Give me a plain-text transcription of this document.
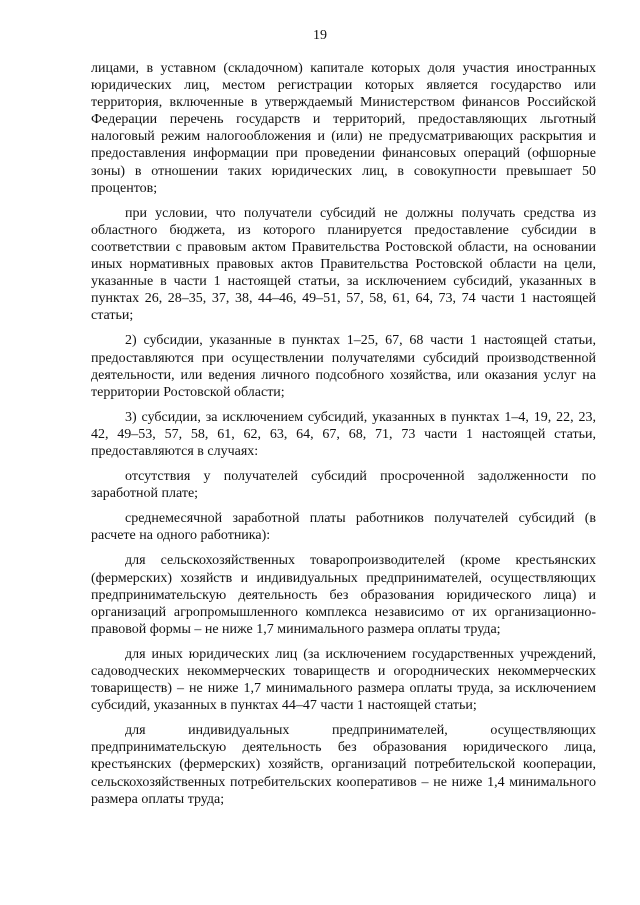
19

лицами, в уставном (складочном) капитале которых доля участия иностранных юридических лиц, местом регистрации которых является государство или территория, включенные в утверждаемый Министерством финансов Российской Федерации перечень государств и территорий, предоставляющих льготный налоговый режим налогообложения и (или) не предусматривающих раскрытия и предоставления информации при проведении финансовых операций (офшорные зоны) в отношении таких юридических лиц, в совокупности превышает 50 процентов;

при условии, что получатели субсидий не должны получать средства из областного бюджета, из которого планируется предоставление субсидии в соответствии с правовым актом Правительства Ростовской области, на основании иных нормативных правовых актов Правительства Ростовской области на цели, указанные в части 1 настоящей статьи, за исключением субсидий, указанных в пунктах 26, 28–35, 37, 38, 44–46, 49–51, 57, 58, 61, 64, 73, 74 части 1 настоящей статьи;

2) субсидии, указанные в пунктах 1–25, 67, 68 части 1 настоящей статьи, предоставляются при осуществлении получателями субсидий производственной деятельности, или ведения личного подсобного хозяйства, или оказания услуг на территории Ростовской области;

3) субсидии, за исключением субсидий, указанных в пунктах 1–4, 19, 22, 23, 42, 49–53, 57, 58, 61, 62, 63, 64, 67, 68, 71, 73 части 1 настоящей статьи, предоставляются в случаях:

отсутствия у получателей субсидий просроченной задолженности по заработной плате;

среднемесячной заработной платы работников получателей субсидий (в расчете на одного работника):

для сельскохозяйственных товаропроизводителей (кроме крестьянских (фермерских) хозяйств и индивидуальных предпринимателей, осуществляющих предпринимательскую деятельность без образования юридического лица) и организаций агропромышленного комплекса независимо от их организационно-правовой формы – не ниже 1,7 минимального размера оплаты труда;

для иных юридических лиц (за исключением государственных учреждений, садоводческих некоммерческих товариществ и огороднических некоммерческих товариществ) – не ниже 1,7 минимального размера оплаты труда, за исключением субсидий, указанных в пунктах 44–47 части 1 настоящей статьи;

для индивидуальных предпринимателей, осуществляющих предпринимательскую деятельность без образования юридического лица, крестьянских (фермерских) хозяйств, организаций потребительской кооперации, сельскохозяйственных потребительских кооперативов – не ниже 1,4 минимального размера оплаты труда;
